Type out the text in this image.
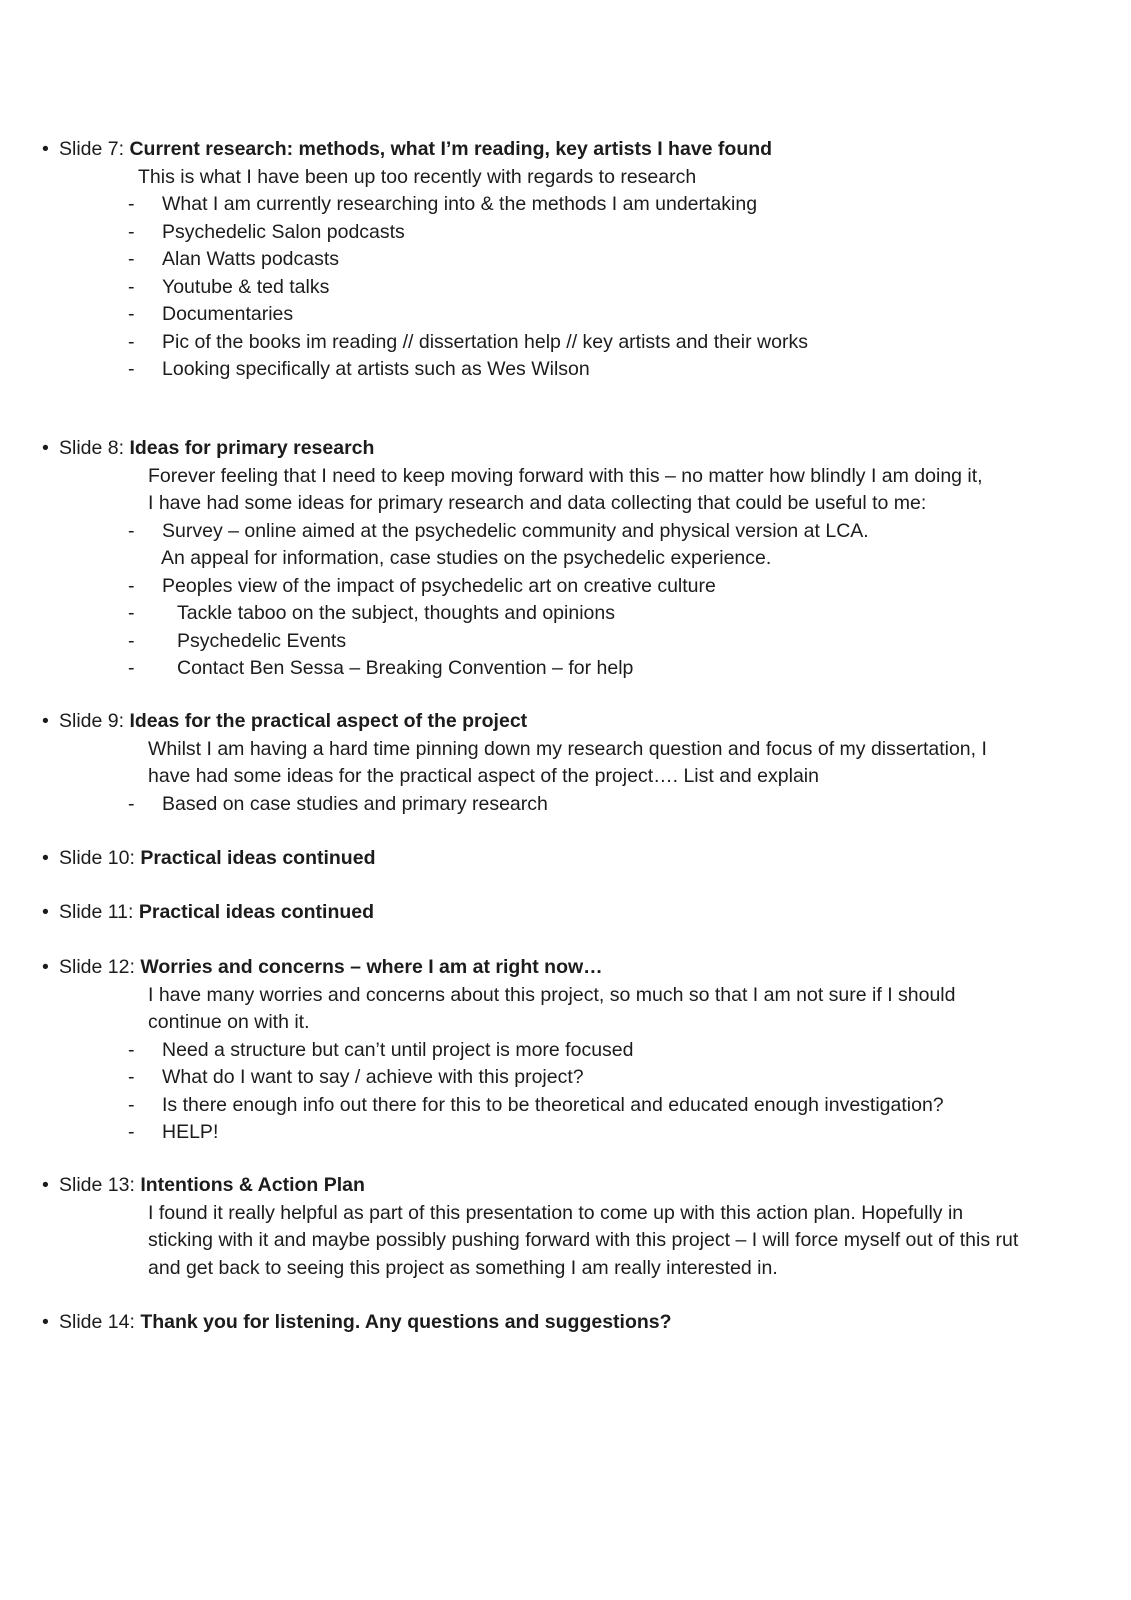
• Slide 7: Current research: methods, what I’m reading, key artists I have found
This is what I have been up too recently with regards to research
- What I am currently researching into & the methods I am undertaking
- Psychedelic Salon podcasts
- Alan Watts podcasts
- Youtube & ted talks
- Documentaries
- Pic of the books im reading // dissertation help // key artists and their works
- Looking specifically at artists such as Wes Wilson
• Slide 8: Ideas for primary research
Forever feeling that I need to keep moving forward with this – no matter how blindly I am doing it,
I have had some ideas for primary research and data collecting that could be useful to me:
- Survey – online aimed at the psychedelic community and physical version at LCA.
An appeal for information, case studies on the psychedelic experience.
- Peoples view of the impact of psychedelic art on creative culture
- Tackle taboo on the subject, thoughts and opinions
- Psychedelic Events
- Contact Ben Sessa – Breaking Convention – for help
• Slide 9: Ideas for the practical aspect of the project
Whilst I am having a hard time pinning down my research question and focus of my dissertation, I
have had some ideas for the practical aspect of the project…. List and explain
- Based on case studies and primary research
• Slide 10: Practical ideas continued
• Slide 11: Practical ideas continued
• Slide 12: Worries and concerns – where I am at right now…
I have many worries and concerns about this project, so much so that I am not sure if I should
continue on with it.
- Need a structure but can’t until project is more focused
- What do I want to say / achieve with this project?
- Is there enough info out there for this to be theoretical and educated enough investigation?
- HELP!
• Slide 13: Intentions & Action Plan
I found it really helpful as part of this presentation to come up with this action plan. Hopefully in
sticking with it and maybe possibly pushing forward with this project – I will force myself out of this rut
and get back to seeing this project as something I am really interested in.
• Slide 14: Thank you for listening. Any questions and suggestions?
